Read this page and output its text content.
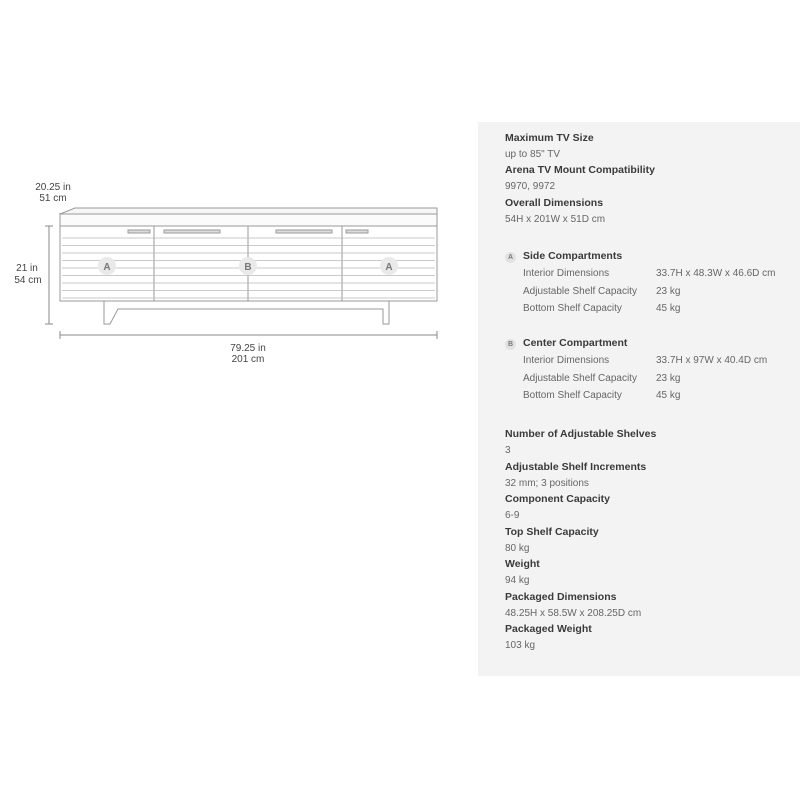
A	B	A
20.25 in
51 cm
21 in
54 cm
79.25 in
201 cm
Maximum TV Size
up to 85" TV
Arena TV Mount Compatibility
9970, 9972
Overall Dimensions
54H x 201W x 51D cm
A Side Compartments
Interior Dimensions	33.7H x 48.3W x 46.6D cm
Adjustable Shelf Capacity 23 kg
Bottom Shelf Capacity	45 kg
B Center Compartment
Interior Dimensions	33.7H x 97W x 40.4D cm
Adjustable Shelf Capacity 23 kg
Bottom Shelf Capacity	45 kg
Number of Adjustable Shelves
3
Adjustable Shelf Increments
32 mm; 3 positions
Component Capacity
6-9
Top Shelf Capacity
80 kg
Weight
94 kg
Packaged Dimensions
48.25H x 58.5W x 208.25D cm
Packaged Weight
103 kg
